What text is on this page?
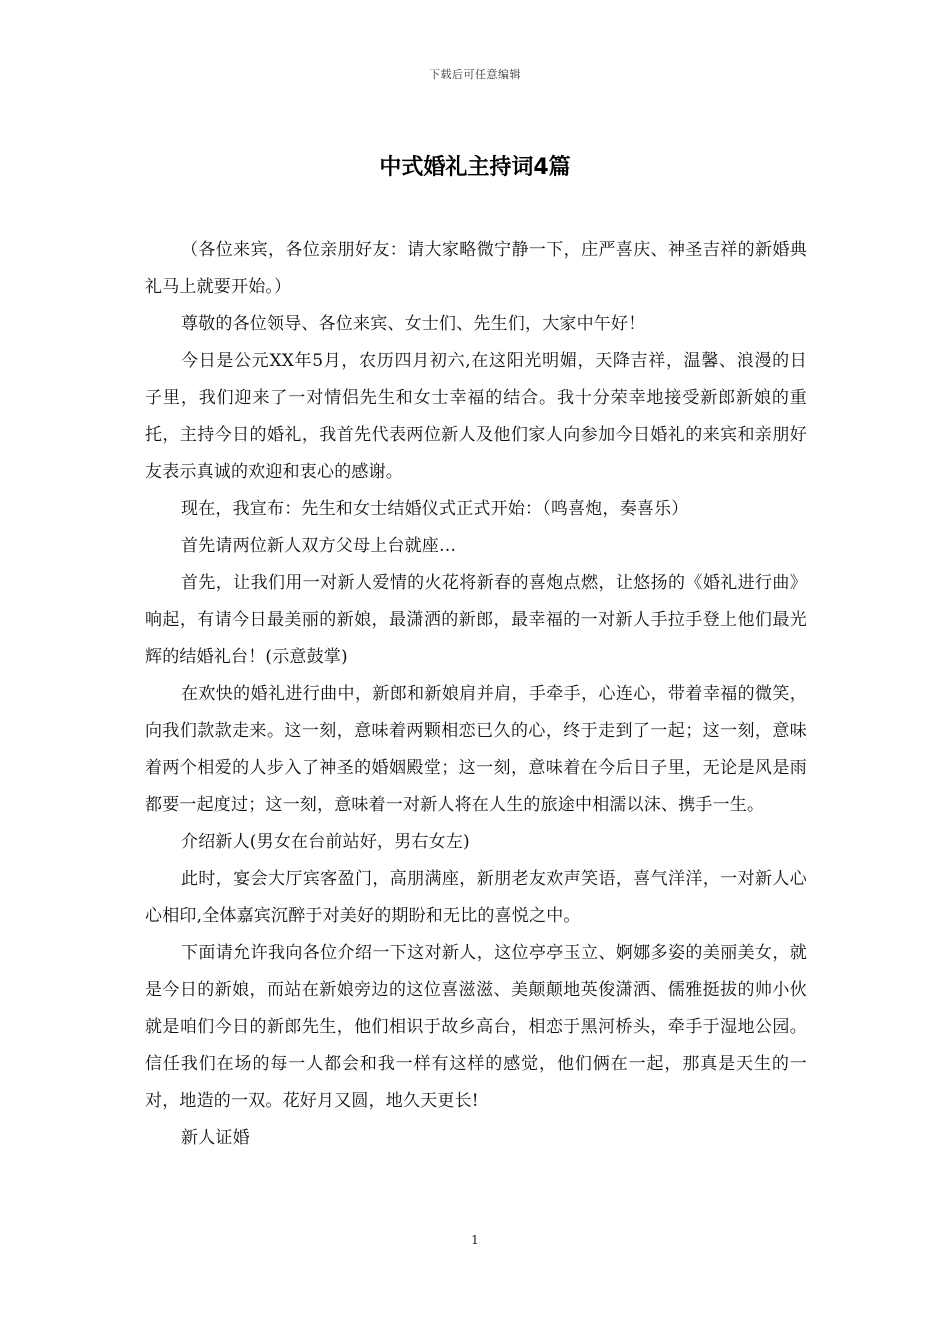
下载后可任意编辑
中式婚礼主持词4篇

（各位来宾，各位亲朋好友：请大家略微宁静一下，庄严喜庆、神圣吉祥的新婚典礼马上就要开始。）

尊敬的各位领导、各位来宾、女士们、先生们，大家中午好！

今日是公元XX年5月，农历四月初六,在这阳光明媚，天降吉祥，温馨、浪漫的日子里，我们迎来了一对情侣先生和女士幸福的结合。我十分荣幸地接受新郎新娘的重托，主持今日的婚礼，我首先代表两位新人及他们家人向参加今日婚礼的来宾和亲朋好友表示真诚的欢迎和衷心的感谢。

现在，我宣布：先生和女士结婚仪式正式开始：（鸣喜炮，奏喜乐）

首先请两位新人双方父母上台就座…

首先，让我们用一对新人爱情的火花将新春的喜炮点燃，让悠扬的《婚礼进行曲》响起，有请今日最美丽的新娘，最潇洒的新郎，最幸福的一对新人手拉手登上他们最光辉的结婚礼台！(示意鼓掌)

在欢快的婚礼进行曲中，新郎和新娘肩并肩，手牵手，心连心，带着幸福的微笑，向我们款款走来。这一刻，意味着两颗相恋已久的心，终于走到了一起；这一刻，意味着两个相爱的人步入了神圣的婚姻殿堂；这一刻，意味着在今后日子里，无论是风是雨都要一起度过；这一刻，意味着一对新人将在人生的旅途中相濡以沫、携手一生。

介绍新人(男女在台前站好，男右女左)

此时，宴会大厅宾客盈门，高朋满座，新朋老友欢声笑语，喜气洋洋，一对新人心心相印,全体嘉宾沉醉于对美好的期盼和无比的喜悦之中。

下面请允许我向各位介绍一下这对新人，这位亭亭玉立、婀娜多姿的美丽美女，就是今日的新娘，而站在新娘旁边的这位喜滋滋、美颠颠地英俊潇洒、儒雅挺拔的帅小伙就是咱们今日的新郎先生，他们相识于故乡高台，相恋于黑河桥头，牵手于湿地公园。信任我们在场的每一人都会和我一样有这样的感觉，他们俩在一起，那真是天生的一对，地造的一双。花好月又圆，地久天更长!

新人证婚

1
